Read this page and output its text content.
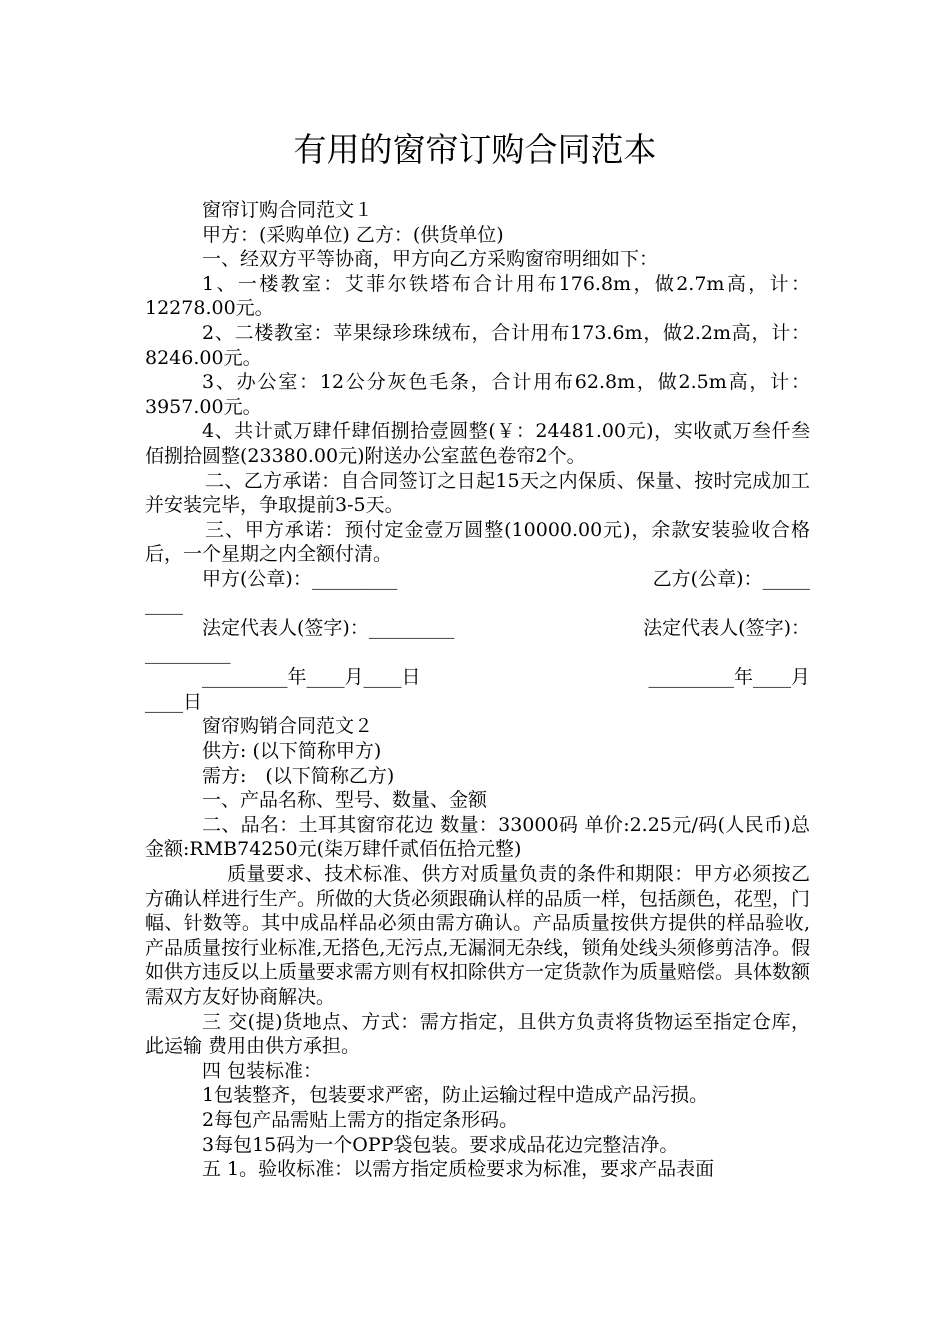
有用的窗帘订购合同范本

窗帘订购合同范文１

甲方：(采购单位) 乙方：(供货单位)

一、经双方平等协商，甲方向乙方采购窗帘明细如下：

1、一楼教室：艾菲尔铁塔布合计用布176.8m，做2.7m高，计：12278.00元。

2、二楼教室：苹果绿珍珠绒布，合计用布173.6m，做2.2m高，计：8246.00元。

3、办公室：12公分灰色毛条，合计用布62.8m，做2.5m高，计：3957.00元。

4、共计贰万肆仟肆佰捌拾壹圆整(￥：24481.00元)，实收贰万叁仟叁佰捌拾圆整(23380.00元)附送办公室蓝色卷帘2个。

二、乙方承诺：自合同签订之日起15天之内保质、保量、按时完成加工并安装完毕，争取提前3-5天。

三、甲方承诺：预付定金壹万圆整(10000.00元)，余款安装验收合格后，一个星期之内全额付清。

甲方(公章)：_________	乙方(公章)：_____

____

法定代表人(签字)：_________	法定代表人(签字)：

_________

_________年____月____日	_________年____月

____日

窗帘购销合同范文２

供方: (以下简称甲方)

需方:　(以下简称乙方)

一、产品名称、型号、数量、金额

二、品名：土耳其窗帘花边 数量：33000码 单价:2.25元/码(人民币)总金额:RMB74250元(柒万肆仟贰佰伍拾元整)

质量要求、技术标准、供方对质量负责的条件和期限：甲方必须按乙方确认样进行生产。所做的大货必须跟确认样的品质一样，包括颜色，花型，门幅、针数等。其中成品样品必须由需方确认。产品质量按供方提供的样品验收,产品质量按行业标准,无搭色,无污点,无漏洞无杂线，锁角处线头须修剪洁净。假如供方违反以上质量要求需方则有权扣除供方一定货款作为质量赔偿。具体数额需双方友好协商解决。

三 交(提)货地点、方式：需方指定，且供方负责将货物运至指定仓库，此运输 费用由供方承担。

四 包装标准：

1包装整齐，包装要求严密，防止运输过程中造成产品污损。

2每包产品需贴上需方的指定条形码。

3每包15码为一个OPP袋包装。要求成品花边完整洁净。

五 1。验收标准：以需方指定质检要求为标准，要求产品表面
